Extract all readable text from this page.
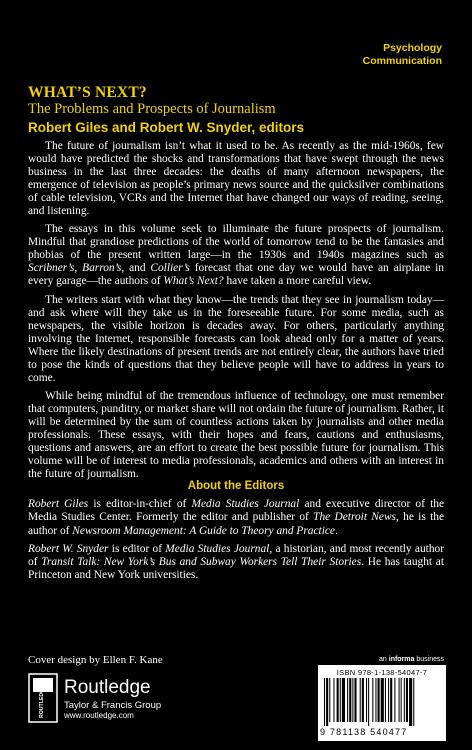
Psychology
Communication
WHAT’S NEXT?
The Problems and Prospects of Journalism
Robert Giles and Robert W. Snyder, editors

  The future of journalism isn’t what it used to be. As recently as the mid-1960s, few would have predicted the shocks and transformations that have swept through the news business in the last three decades: the deaths of many afternoon newspapers, the emergence of television as people’s primary news source and the quicksilver combinations of cable television, VCRs and the Internet that have changed our ways of reading, seeing, and listening.

  The essays in this volume seek to illuminate the future prospects of journalism. Mindful that grandiose predictions of the world of tomorrow tend to be the fantasies and phobias of the present written large—in the 1930s and 1940s magazines such as Scribner’s, Barron’s, and Collier’s forecast that one day we would have an airplane in every garage—the authors of What’s Next? have taken a more careful view.

  The writers start with what they know—the trends that they see in journalism today—and ask where will they take us in the foreseeable future. For some media, such as newspapers, the visible horizon is decades away. For others, particularly anything involving the Internet, responsible forecasts can look ahead only for a matter of years. Where the likely destinations of present trends are not entirely clear, the authors have tried to pose the kinds of questions that they believe people will have to address in years to come.

  While being mindful of the tremendous influence of technology, one must remember that computers, punditry, or market share will not ordain the future of journalism. Rather, it will be determined by the sum of countless actions taken by journalists and other media professionals. These essays, with their hopes and fears, cautions and enthusiasms, questions and answers, are an effort to create the best possible future for journalism. This volume will be of interest to media professionals, academics and others with an interest in the future of journalism.

About the Editors

Robert Giles is editor-in-chief of Media Studies Journal and executive director of the Media Studies Center. Formerly the editor and publisher of The Detroit News, he is the author of Newsroom Management: A Guide to Theory and Practice.

Robert W. Snyder is editor of Media Studies Journal, a historian, and most recently author of Transit Talk: New York’s Bus and Subway Workers Tell Their Stories. He has taught at Princeton and New York universities.

Cover design by Ellen F. Kane
ROUTLEDGE Routledge
Taylor & Francis Group
www.routledge.com
an informa business
ISBN 978-1-138-54047-7
9 781138 540477
